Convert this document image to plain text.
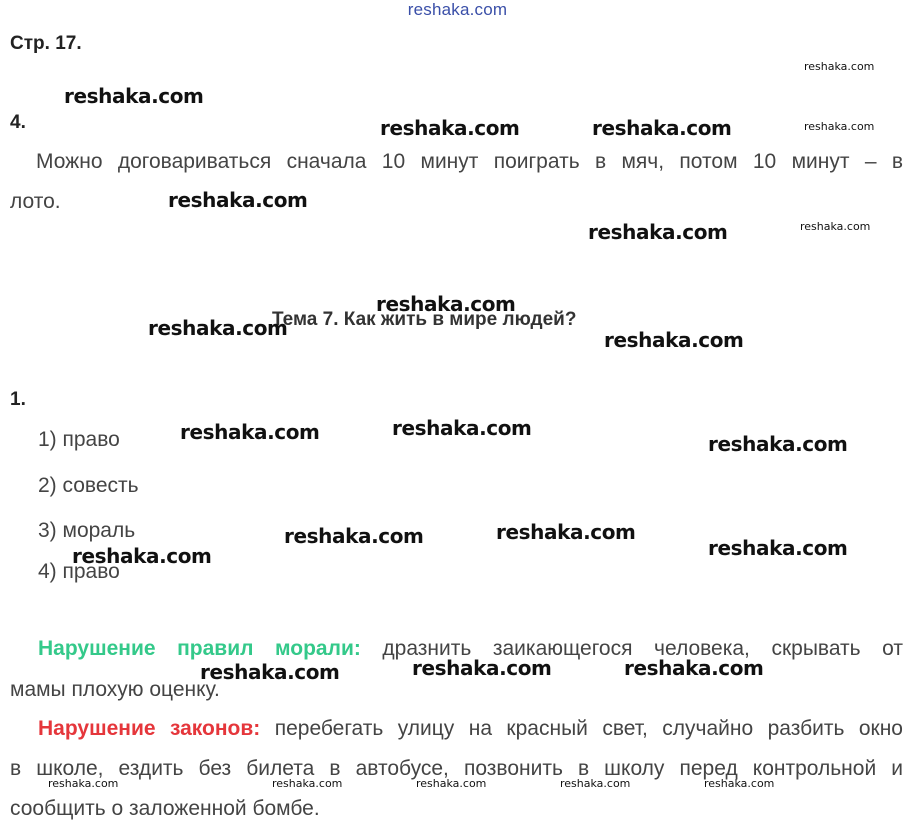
reshaka.com
Стр. 17.
4.
Можно договариваться сначала 10 минут поиграть в мяч, потом 10 минут – в
лото.
Тема 7. Как жить в мире людей?
1.
1) право
2) совесть
3) мораль
4) право
Нарушение правил морали: дразнить заикающегося человека, скрывать от
мамы плохую оценку.
Нарушение законов: перебегать улицу на красный свет, случайно разбить окно
в школе, ездить без билета в автобусе, позвонить в школу перед контрольной и
сообщить о заложенной бомбе.
reshaka.com
reshaka.com	reshaka.com
reshaka.com
reshaka.com
reshaka.com
reshaka.com	reshaka.com
reshaka.com	reshaka.com
reshaka.com
reshaka.com	reshaka.com
reshaka.com
reshaka.com
reshaka.com	reshaka.com	reshaka.com
reshaka.com
reshaka.com
reshaka.com
reshaka.com	reshaka.com	reshaka.com	reshaka.com	reshaka.com
